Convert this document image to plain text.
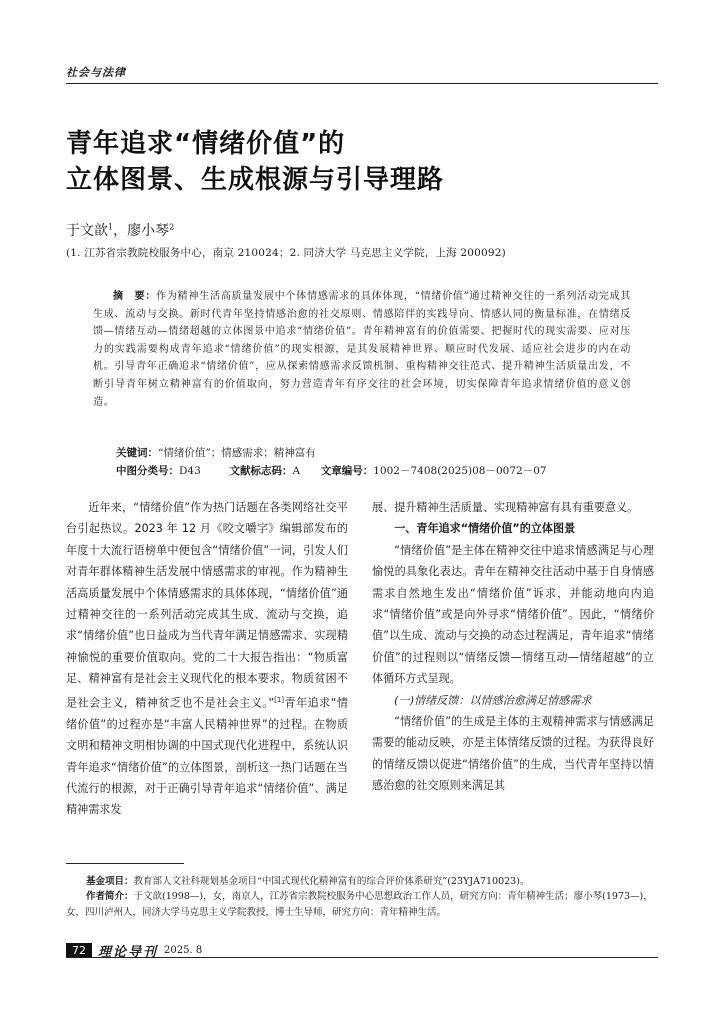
社会与法律
青年追求“情绪价值”的
立体图景、生成根源与引导理路
于文歆$^1$，廖小琴$^2$
(1. 江苏省宗教院校服务中心，南京 210024；2. 同济大学 马克思主义学院，上海 200092)
摘　要：作为精神生活高质量发展中个体情感需求的具体体现，“情绪价值”通过精神交往的一系列活动完成其生成、流动与交换。新时代青年坚持情感治愈的社交原则、情感陪伴的实践导向、情感认同的衡量标准，在情绪反馈—情绪互动—情绪超越的立体图景中追求“情绪价值”。青年精神富有的价值需要、把握时代的现实需要、应对压力的实践需要构成青年追求“情绪价值”的现实根源，是其发展精神世界、顺应时代发展、适应社会进步的内在动机。引导青年正确追求“情绪价值”，应从探索情感需求反馈机制、重构精神交往范式、提升精神生活质量出发，不断引导青年树立精神富有的价值取向，努力营造青年有序交往的社会环境，切实保障青年追求情绪价值的意义创造。
关键词：“情绪价值”；情感需求；精神富有
中图分类号：D43	文献标志码：A 文章编号：1002－7408(2025)08－0072－07

近年来，“情绪价值”作为热门话题在各类网络社交平台引起热议。2023 年 12 月《咬文嚼字》编辑部发布的年度十大流行语榜单中便包含“情绪价值”一词，引发人们对青年群体精神生活发展中情感需求的审视。作为精神生活高质量发展中个体情感需求的具体体现，“情绪价值”通过精神交往的一系列活动完成其生成、流动与交换，追求“情绪价值”也日益成为当代青年满足情感需求、实现精神愉悦的重要价值取向。党的二十大报告指出：“物质富足、精神富有是社会主义现代化的根本要求。物质贫困不是社会主义，精神贫乏也不是社会主义。”[1]青年追求“情绪价值”的过程亦是“丰富人民精神世界”的过程。在物质文明和精神文明相协调的中国式现代化进程中，系统认识青年追求“情绪价值”的立体图景，剖析这一热门话题在当代流行的根源，对于正确引导青年追求“情绪价值”、满足精神需求发

展、提升精神生活质量、实现精神富有具有重要意义。

一、青年追求“情绪价值”的立体图景

“情绪价值”是主体在精神交往中追求情感满足与心理愉悦的具象化表达。青年在精神交往活动中基于自身情感需求自然地生发出“情绪价值”诉求，并能动地向内追求“情绪价值”或是向外寻求“情绪价值”。因此，“情绪价值”以生成、流动与交换的动态过程满足，青年追求“情绪价值”的过程则以“情绪反馈—情绪互动—情绪超越”的立体循环方式呈现。

(一)情绪反馈：以情感治愈满足情感需求

“情绪价值”的生成是主体的主观精神需求与情感满足需要的能动反映，亦是主体情绪反馈的过程。为获得良好的情绪反馈以促进“情绪价值”的生成，当代青年坚持以情感治愈的社交原则来满足其

基金项目：教育部人文社科规划基金项目“中国式现代化精神富有的综合评价体系研究”(23YJA710023)。
作者简介：于文歆(1998—)，女，南京人，江苏省宗教院校服务中心思想政治工作人员，研究方向：青年精神生活；廖小琴(1973—)，女，四川泸州人，同济大学马克思主义学院教授，博士生导师，研究方向：青年精神生活。
72 理论导刊 2025. 8
